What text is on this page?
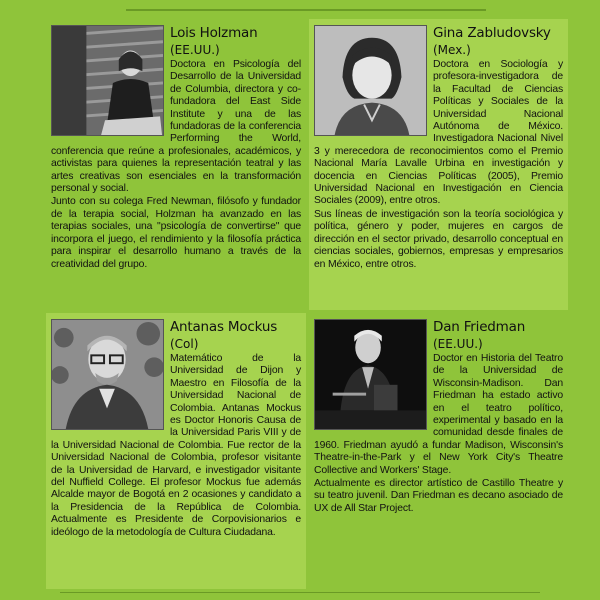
Lois Holzman
(EE.UU.)

Doctora en Psicología del Desarrollo de la Universidad de Columbia, directora y co-fundadora del East Side Institute y una de las fundadoras de la conferencia Performing the World, conferencia que reúne a profesionales, académicos, y activistas para quienes la representación teatral y las artes creativas son esenciales en la transformación personal y social.

Junto con su colega Fred Newman, filósofo y fundador de la terapia social, Holzman ha avanzado en las terapias sociales, una "psicología de convertirse" que incorpora el juego, el rendimiento y la filosofía práctica para inspirar el desarrollo humano a través de la creatividad del grupo.

Gina Zabludovsky
(Mex.)

Doctora en Sociología y profesora-investigadora de la Facultad de Ciencias Políticas y Sociales de la Universidad Nacional Autónoma de México. Investigadora Nacional Nivel 3 y merecedora de reconocimientos como el Premio Nacional María Lavalle Urbina en investigación y docencia en Ciencias Políticas (2005), Premio Universidad Nacional en Investigación en Ciencia Sociales (2009), entre otros.

Sus líneas de investigación son la teoría sociológica y política, género y poder, mujeres en cargos de dirección en el sector privado, desarrollo conceptual en ciencias sociales, gobiernos, empresas y empresarios en México, entre otros.

Antanas Mockus
(Col)

Matemático de la Universidad de Dijon y Maestro en Filosofía de la Universidad Nacional de Colombia. Antanas Mockus es Doctor Honoris Causa de la Universidad Paris VIII y de la Universidad Nacional de Colombia. Fue rector de la Universidad Nacional de Colombia, profesor visitante de la Universidad de Harvard, e investigador visitante del Nuffield College. El profesor Mockus fue además Alcalde mayor de Bogotá en 2 ocasiones y candidato a la Presidencia de la República de Colombia. Actualmente es Presidente de Corpovisionarios e ideólogo de la metodología de Cultura Ciudadana.

Dan Friedman
(EE.UU.)

Doctor en Historia del Teatro de la Universidad de Wisconsin-Madison. Dan Friedman ha estado activo en el teatro político, experimental y basado en la comunidad desde finales de 1960. Friedman ayudó a fundar Madison, Wisconsin's Theatre-in-the-Park y el New York City's Theatre Collective and Workers' Stage.

Actualmente es director artístico de Castillo Theatre y su teatro juvenil. Dan Friedman es decano asociado de UX de All Star Project.
